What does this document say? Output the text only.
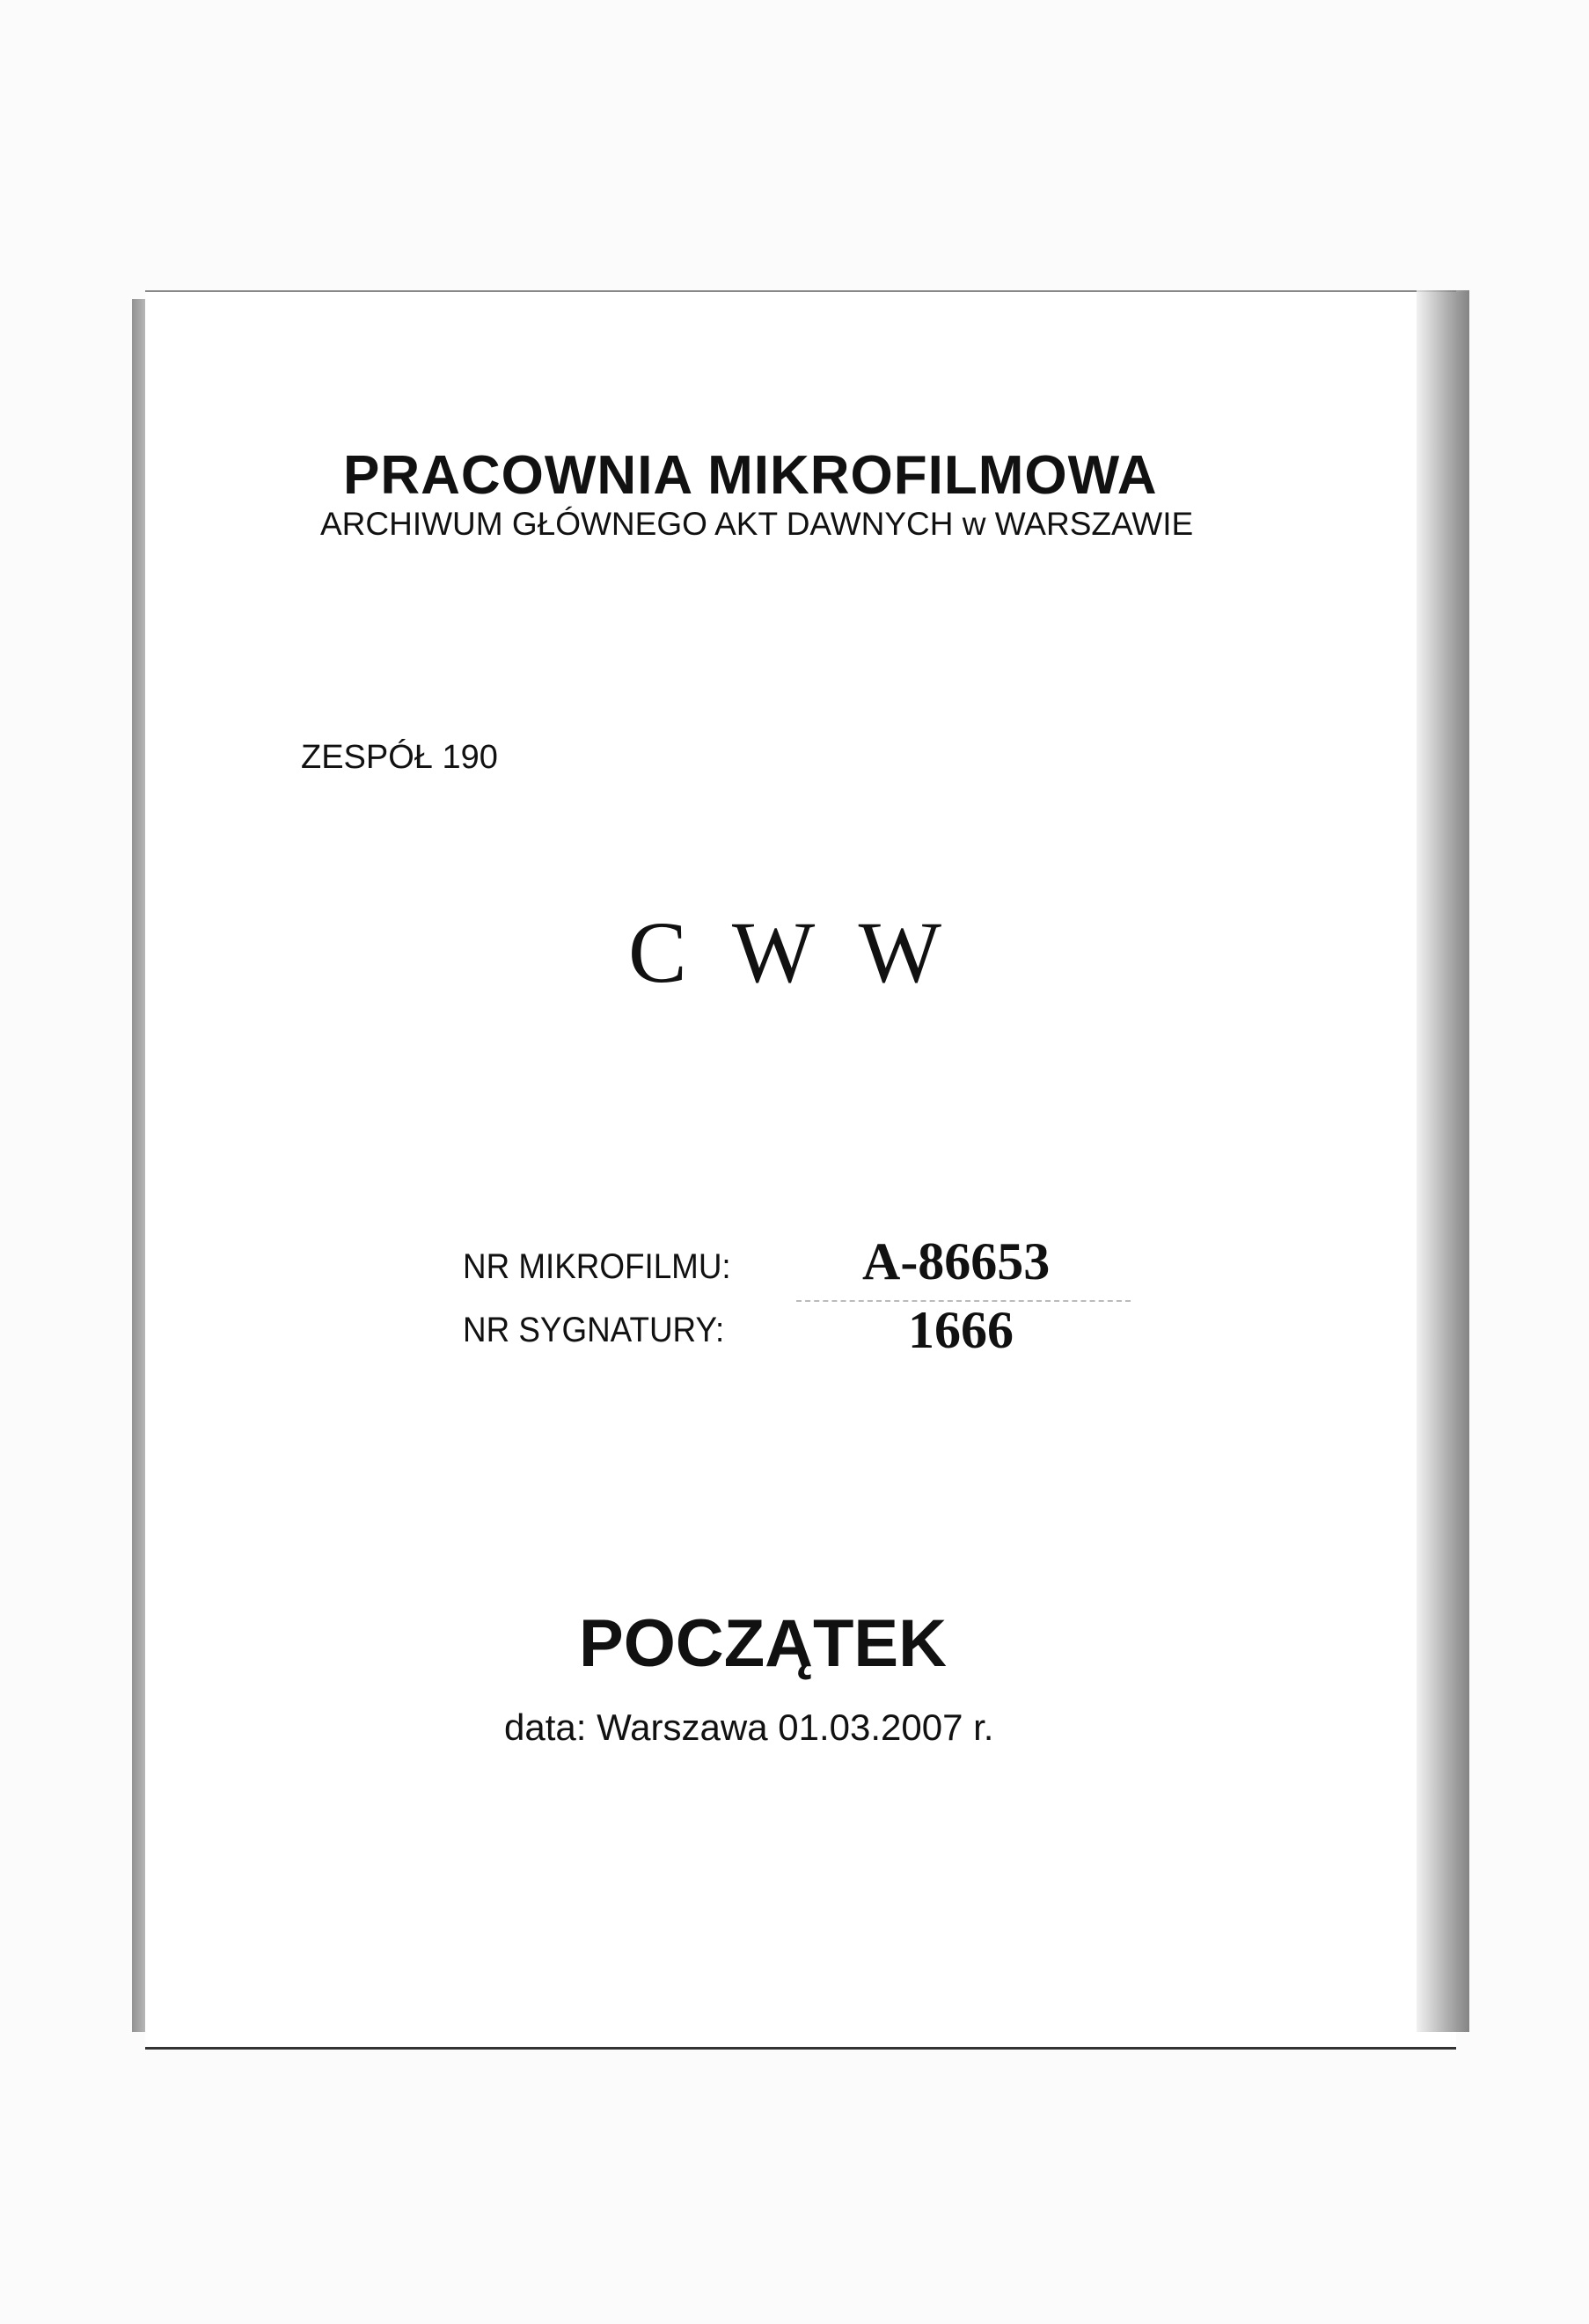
PRACOWNIA MIKROFILMOWA
ARCHIWUM GŁÓWNEGO AKT DAWNYCH w WARSZAWIE
ZESPÓŁ 190
C W W
NR MIKROFILMU: A-86653
NR SYGNATURY:	1666
POCZĄTEK
data: Warszawa 01.03.2007 r.
